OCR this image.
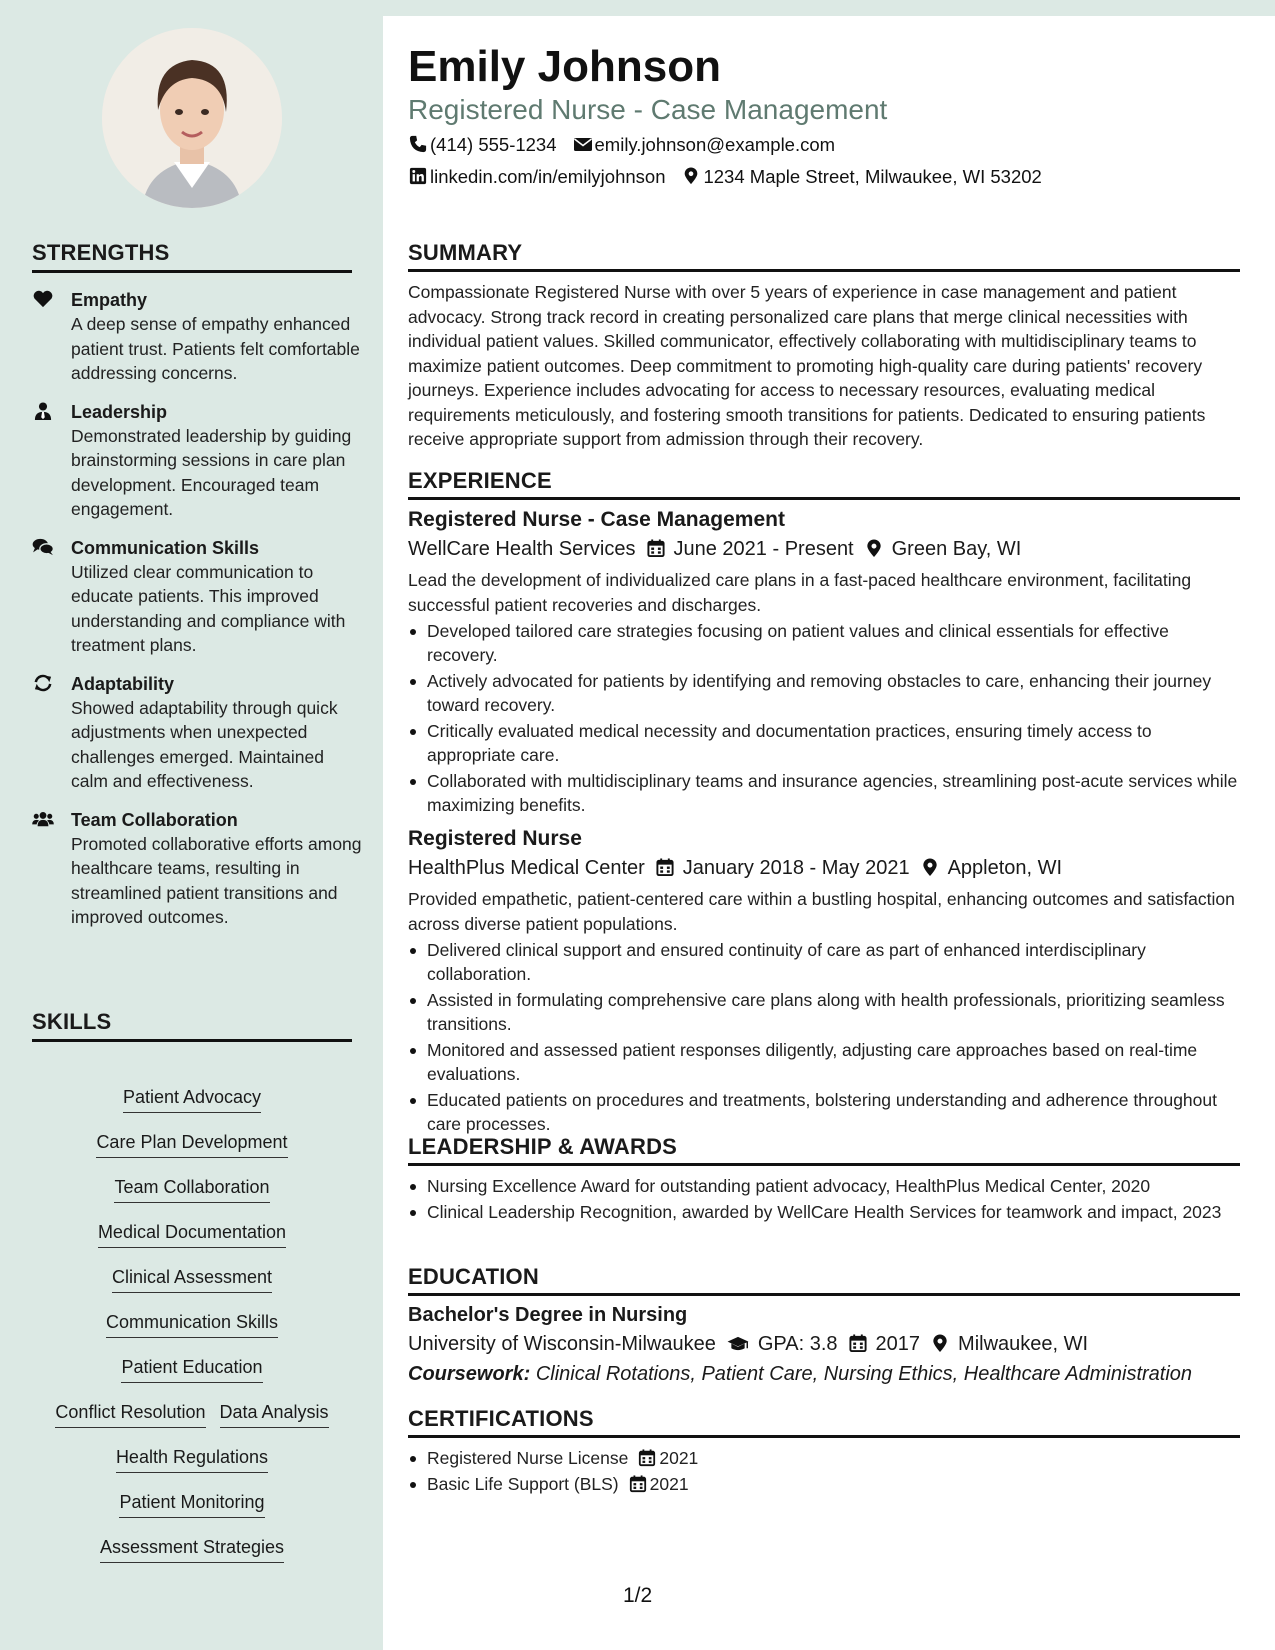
STRENGTHS
Empathy
A deep sense of empathy enhanced patient trust. Patients felt comfortable addressing concerns.
Leadership
Demonstrated leadership by guiding brainstorming sessions in care plan development. Encouraged team engagement.
Communication Skills
Utilized clear communication to educate patients. This improved understanding and compliance with treatment plans.
Adaptability
Showed adaptability through quick adjustments when unexpected challenges emerged. Maintained calm and effectiveness.
Team Collaboration
Promoted collaborative efforts among healthcare teams, resulting in streamlined patient transitions and improved outcomes.
SKILLS
Patient Advocacy
Care Plan Development
Team Collaboration
Medical Documentation
Clinical Assessment
Communication Skills
Patient Education
Conflict Resolution Data Analysis
Health Regulations
Patient Monitoring
Assessment Strategies
Emily Johnson
Registered Nurse - Case Management
(414) 555-1234 emily.johnson@example.com
linkedin.com/in/emilyjohnson 1234 Maple Street, Milwaukee, WI 53202
SUMMARY
Compassionate Registered Nurse with over 5 years of experience in case management and patient advocacy. Strong track record in creating personalized care plans that merge clinical necessities with individual patient values. Skilled communicator, effectively collaborating with multidisciplinary teams to maximize patient outcomes. Deep commitment to promoting high-quality care during patients' recovery journeys. Experience includes advocating for access to necessary resources, evaluating medical requirements meticulously, and fostering smooth transitions for patients. Dedicated to ensuring patients receive appropriate support from admission through their recovery.
EXPERIENCE
Registered Nurse - Case Management
WellCare Health Services June 2021 - Present Green Bay, WI
Lead the development of individualized care plans in a fast-paced healthcare environment, facilitating successful patient recoveries and discharges.
Developed tailored care strategies focusing on patient values and clinical essentials for effective recovery.
Actively advocated for patients by identifying and removing obstacles to care, enhancing their journey toward recovery.
Critically evaluated medical necessity and documentation practices, ensuring timely access to appropriate care.
Collaborated with multidisciplinary teams and insurance agencies, streamlining post-acute services while maximizing benefits.
Registered Nurse
HealthPlus Medical Center January 2018 - May 2021 Appleton, WI
Provided empathetic, patient-centered care within a bustling hospital, enhancing outcomes and satisfaction across diverse patient populations.
Delivered clinical support and ensured continuity of care as part of enhanced interdisciplinary collaboration.
Assisted in formulating comprehensive care plans along with health professionals, prioritizing seamless transitions.
Monitored and assessed patient responses diligently, adjusting care approaches based on real-time evaluations.
Educated patients on procedures and treatments, bolstering understanding and adherence throughout care processes.
LEADERSHIP & AWARDS
Nursing Excellence Award for outstanding patient advocacy, HealthPlus Medical Center, 2020
Clinical Leadership Recognition, awarded by WellCare Health Services for teamwork and impact, 2023
EDUCATION
Bachelor's Degree in Nursing
University of Wisconsin-Milwaukee GPA: 3.8 2017 Milwaukee, WI
Coursework: Clinical Rotations, Patient Care, Nursing Ethics, Healthcare Administration
CERTIFICATIONS
Registered Nurse License 2021
Basic Life Support (BLS) 2021
1/2
